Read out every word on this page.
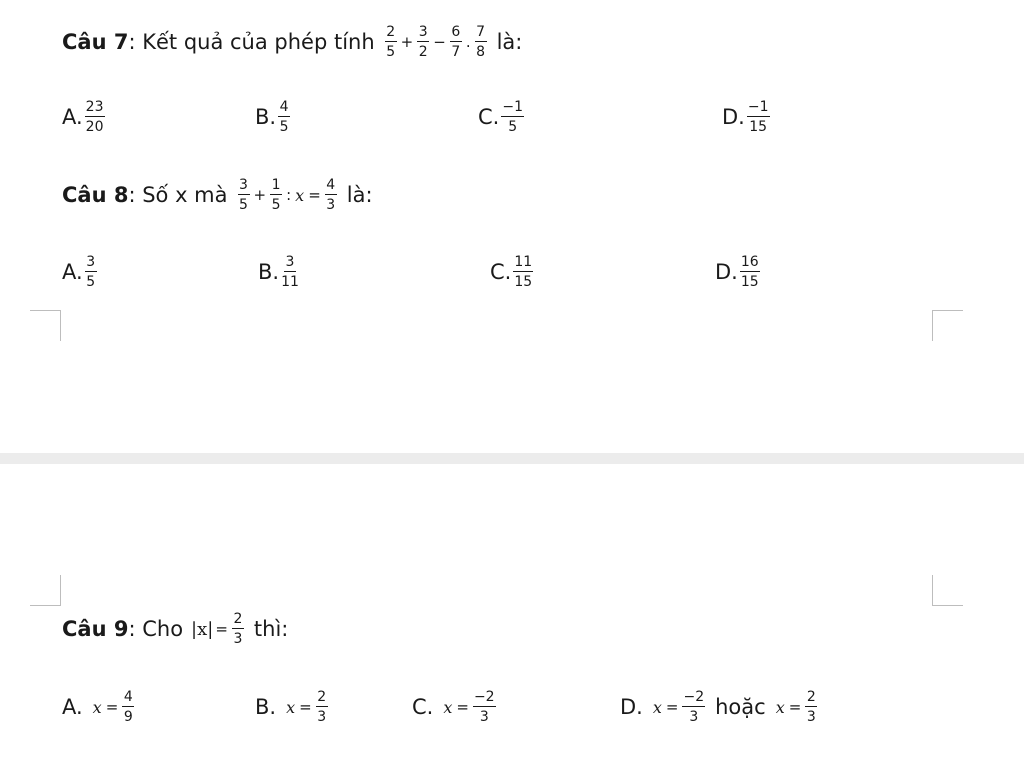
Câu 7 : Kết quả của phép tính $\frac{2}{5} + \frac{3}{2} - \frac{6}{7}$ . $\frac{7}{8}$ là:
A. $\frac{23}{20}$	B. $\frac{4}{5}$	C. $\frac{-1}{5}$	D. $\frac{-1}{15}$
Câu 8 : Số x mà $\frac{3}{5} + \frac{1}{5}$ : $x = \frac{4}{3}$ là:
A. $\frac{3}{5}$	B. $\frac{3}{11}$	C. $\frac{11}{15}$	D. $\frac{16}{15}$
Câu 9 : Cho $|x| = \frac{2}{3}$ thì:
A. $x = \frac{4}{9}$	B. $x = \frac{2}{3}$	C. $x = \frac{-2}{3}$	D. $x = \frac{-2}{3}$ hoặc $x = \frac{2}{3}$
